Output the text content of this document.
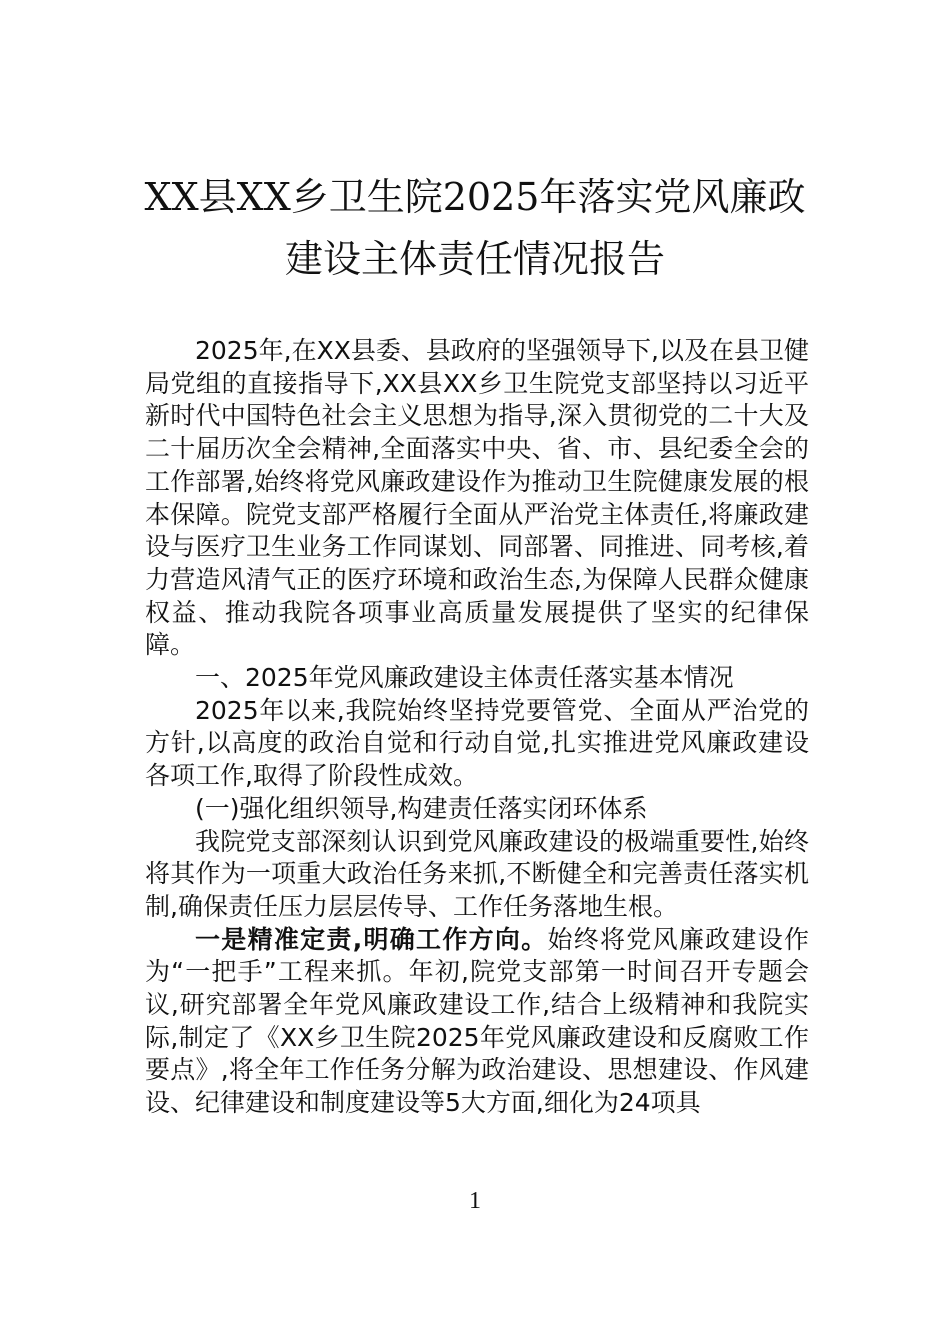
XX县XX乡卫生院2025年落实党风廉政
建设主体责任情况报告

2025年,在XX县委、县政府的坚强领导下,以及在县卫健局党组的直接指导下,XX县XX乡卫生院党支部坚持以习近平新时代中国特色社会主义思想为指导,深入贯彻党的二十大及二十届历次全会精神,全面落实中央、省、市、县纪委全会的工作部署,始终将党风廉政建设作为推动卫生院健康发展的根本保障。院党支部严格履行全面从严治党主体责任,将廉政建设与医疗卫生业务工作同谋划、同部署、同推进、同考核,着力营造风清气正的医疗环境和政治生态,为保障人民群众健康权益、推动我院各项事业高质量发展提供了坚实的纪律保障。

一、2025年党风廉政建设主体责任落实基本情况

2025年以来,我院始终坚持党要管党、全面从严治党的方针,以高度的政治自觉和行动自觉,扎实推进党风廉政建设各项工作,取得了阶段性成效。

(一)强化组织领导,构建责任落实闭环体系

我院党支部深刻认识到党风廉政建设的极端重要性,始终将其作为一项重大政治任务来抓,不断健全和完善责任落实机制,确保责任压力层层传导、工作任务落地生根。

一是精准定责,明确工作方向。始终将党风廉政建设作为“一把手”工程来抓。年初,院党支部第一时间召开专题会议,研究部署全年党风廉政建设工作,结合上级精神和我院实际,制定了《XX乡卫生院2025年党风廉政建设和反腐败工作要点》,将全年工作任务分解为政治建设、思想建设、作风建设、纪律建设和制度建设等5大方面,细化为24项具

1
